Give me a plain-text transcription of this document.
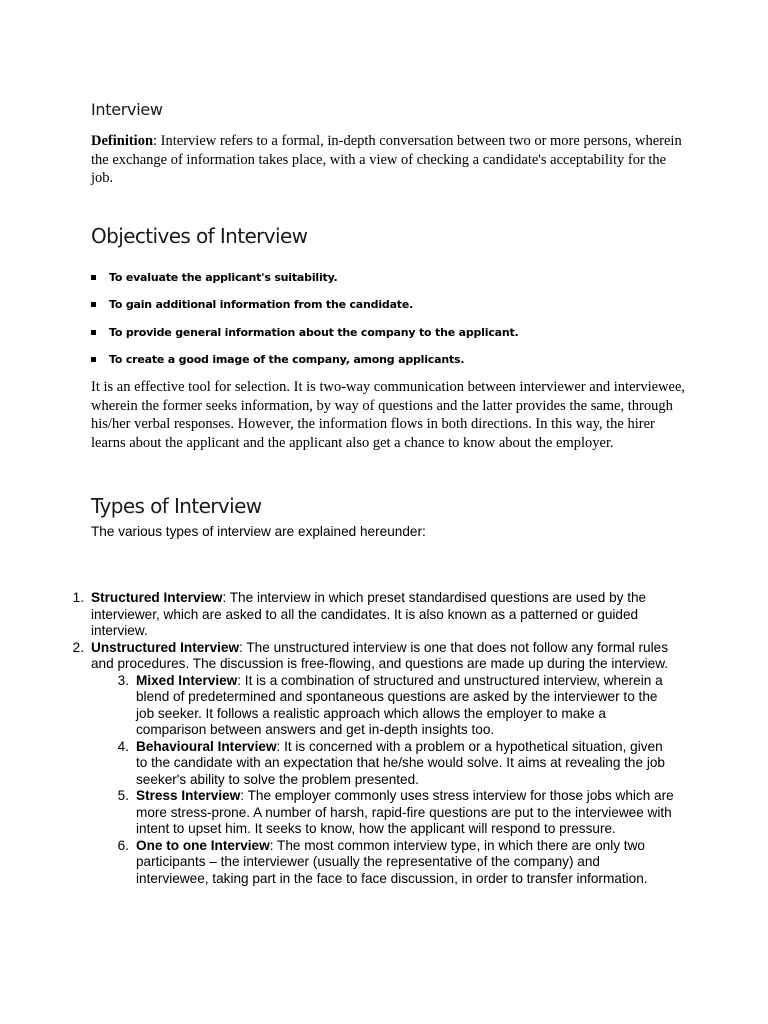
Interview

Definition: Interview refers to a formal, in-depth conversation between two or more persons, wherein the exchange of information takes place, with a view of checking a candidate's acceptability for the job.

Objectives of Interview
To evaluate the applicant's suitability.
To gain additional information from the candidate.
To provide general information about the company to the applicant.
To create a good image of the company, among applicants.

It is an effective tool for selection. It is two-way communication between interviewer and interviewee, wherein the former seeks information, by way of questions and the latter provides the same, through his/her verbal responses. However, the information flows in both directions. In this way, the hirer learns about the applicant and the applicant also get a chance to know about the employer.

Types of Interview

The various types of interview are explained hereunder:

1. Structured Interview: The interview in which preset standardised questions are used by the interviewer, which are asked to all the candidates. It is also known as a patterned or guided interview.
2. Unstructured Interview: The unstructured interview is one that does not follow any formal rules and procedures. The discussion is free-flowing, and questions are made up during the interview.
3. Mixed Interview: It is a combination of structured and unstructured interview, wherein a blend of predetermined and spontaneous questions are asked by the interviewer to the job seeker. It follows a realistic approach which allows the employer to make a comparison between answers and get in-depth insights too.
4. Behavioural Interview: It is concerned with a problem or a hypothetical situation, given to the candidate with an expectation that he/she would solve. It aims at revealing the job seeker's ability to solve the problem presented.
5. Stress Interview: The employer commonly uses stress interview for those jobs which are more stress-prone. A number of harsh, rapid-fire questions are put to the interviewee with intent to upset him. It seeks to know, how the applicant will respond to pressure.
6. One to one Interview: The most common interview type, in which there are only two participants – the interviewer (usually the representative of the company) and interviewee, taking part in the face to face discussion, in order to transfer information.
